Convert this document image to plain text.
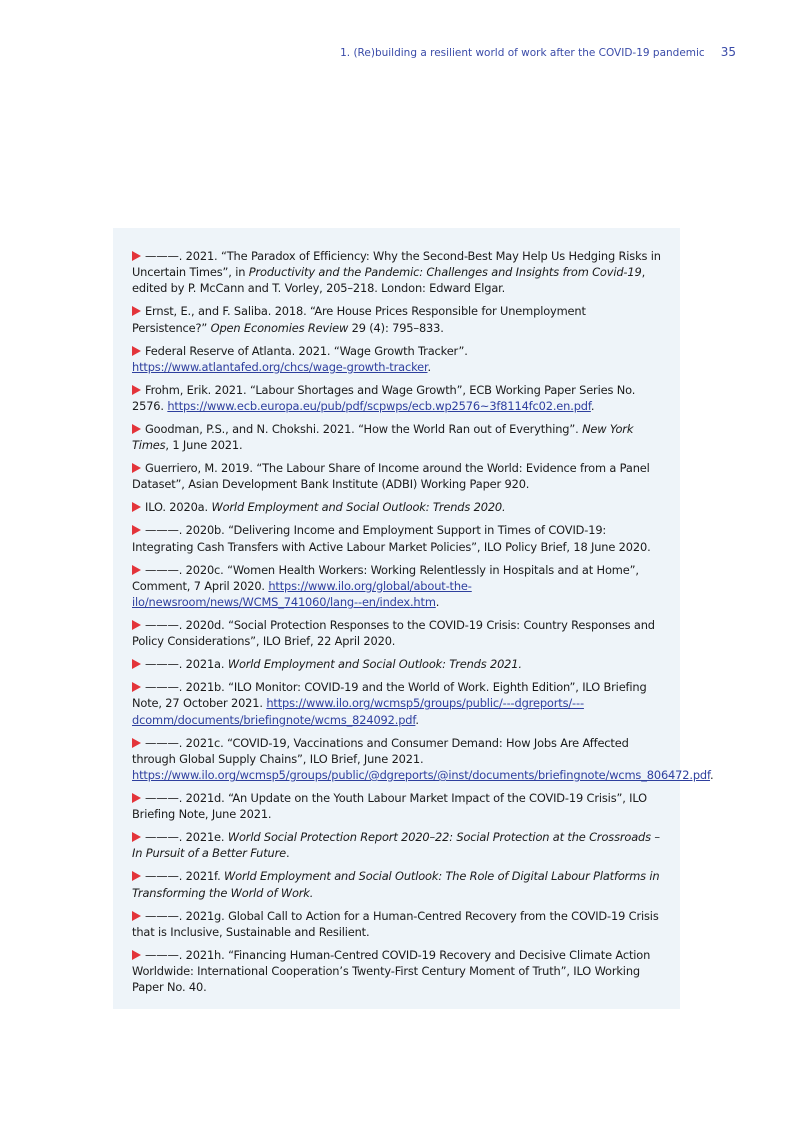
1. (Re)building a resilient world of work after the COVID-19 pandemic 35
———. 2021. “The Paradox of Efficiency: Why the Second-Best May Help Us Hedging Risks in Uncertain Times”, in Productivity and the Pandemic: Challenges and Insights from Covid-19, edited by P. McCann and T. Vorley, 205–218. London: Edward Elgar.
Ernst, E., and F. Saliba. 2018. “Are House Prices Responsible for Unemployment Persistence?” Open Economies Review 29 (4): 795–833.
Federal Reserve of Atlanta. 2021. “Wage Growth Tracker”. https://www.atlantafed.org/chcs/wage-growth-tracker.
Frohm, Erik. 2021. “Labour Shortages and Wage Growth”, ECB Working Paper Series No. 2576. https://www.ecb.europa.eu/pub/pdf/scpwps/ecb.wp2576~3f8114fc02.en.pdf.
Goodman, P.S., and N. Chokshi. 2021. “How the World Ran out of Everything”. New York Times, 1 June 2021.
Guerriero, M. 2019. “The Labour Share of Income around the World: Evidence from a Panel Dataset”, Asian Development Bank Institute (ADBI) Working Paper 920.
ILO. 2020a. World Employment and Social Outlook: Trends 2020.
———. 2020b. “Delivering Income and Employment Support in Times of COVID-19: Integrating Cash Transfers with Active Labour Market Policies”, ILO Policy Brief, 18 June 2020.
———. 2020c. “Women Health Workers: Working Relentlessly in Hospitals and at Home”, Comment, 7 April 2020. https://www.ilo.org/global/about-the-ilo/newsroom/news/WCMS_741060/lang--en/index.htm.
———. 2020d. “Social Protection Responses to the COVID-19 Crisis: Country Responses and Policy Considerations”, ILO Brief, 22 April 2020.
———. 2021a. World Employment and Social Outlook: Trends 2021.
———. 2021b. “ILO Monitor: COVID-19 and the World of Work. Eighth Edition”, ILO Briefing Note, 27 October 2021. https://www.ilo.org/wcmsp5/groups/public/---dgreports/---dcomm/documents/briefingnote/wcms_824092.pdf.
———. 2021c. “COVID-19, Vaccinations and Consumer Demand: How Jobs Are Affected through Global Supply Chains”, ILO Brief, June 2021. https://www.ilo.org/wcmsp5/groups/public/@dgreports/@inst/documents/briefingnote/wcms_806472.pdf.
———. 2021d. “An Update on the Youth Labour Market Impact of the COVID-19 Crisis”, ILO Briefing Note, June 2021.
———. 2021e. World Social Protection Report 2020–22: Social Protection at the Crossroads – In Pursuit of a Better Future.
———. 2021f. World Employment and Social Outlook: The Role of Digital Labour Platforms in Transforming the World of Work.
———. 2021g. Global Call to Action for a Human-Centred Recovery from the COVID-19 Crisis that is Inclusive, Sustainable and Resilient.
———. 2021h. “Financing Human-Centred COVID-19 Recovery and Decisive Climate Action Worldwide: International Cooperation’s Twenty-First Century Moment of Truth”, ILO Working Paper No. 40.
